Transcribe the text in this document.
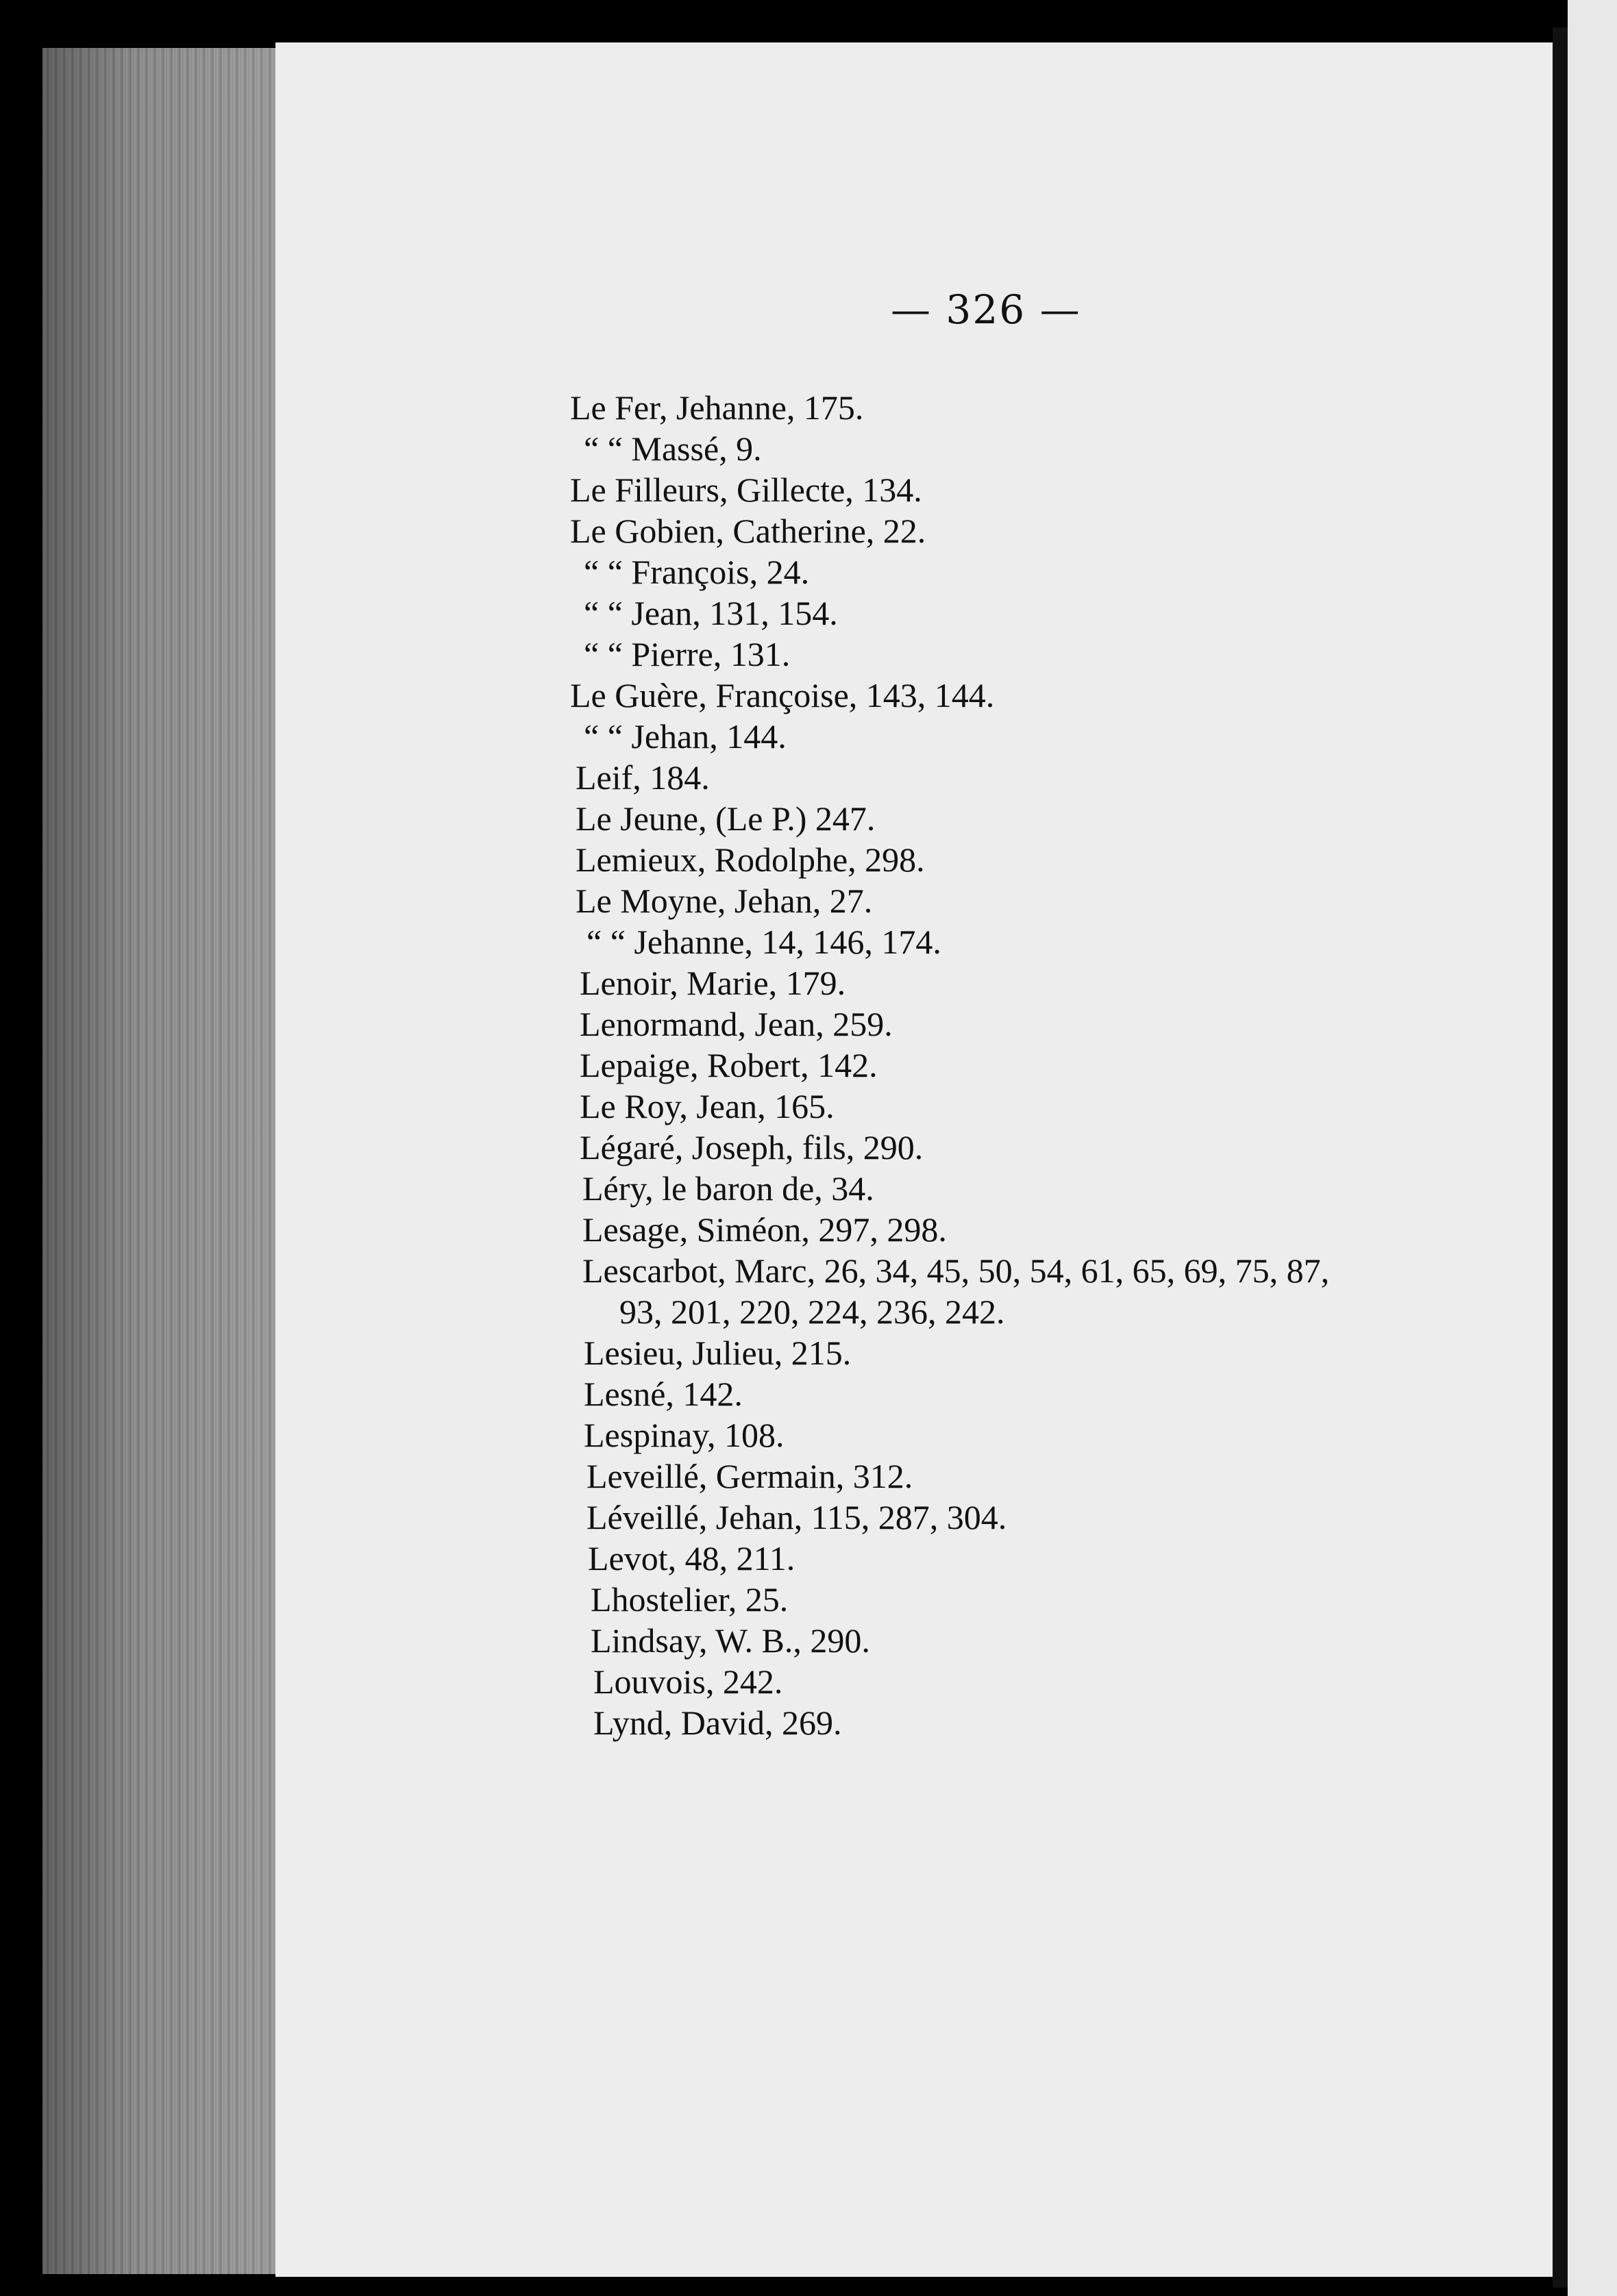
— 326 —
Le Fer, Jehanne, 175.
“ “ Massé, 9.
Le Filleurs, Gillecte, 134.
Le Gobien, Catherine, 22.
“ “ François, 24.
“ “ Jean, 131, 154.
“ “ Pierre, 131.
Le Guère, Françoise, 143, 144.
“ “ Jehan, 144.
Leif, 184.
Le Jeune, (Le P.) 247.
Lemieux, Rodolphe, 298.
Le Moyne, Jehan, 27.
“ “ Jehanne, 14, 146, 174.
Lenoir, Marie, 179.
Lenormand, Jean, 259.
Lepaige, Robert, 142.
Le Roy, Jean, 165.
Légaré, Joseph, fils, 290.
Léry, le baron de, 34.
Lesage, Siméon, 297, 298.
Lescarbot, Marc, 26, 34, 45, 50, 54, 61, 65, 69, 75, 87,
93, 201, 220, 224, 236, 242.
Lesieu, Julieu, 215.
Lesné, 142.
Lespinay, 108.
Leveillé, Germain, 312.
Léveillé, Jehan, 115, 287, 304.
Levot, 48, 211.
Lhostelier, 25.
Lindsay, W. B., 290.
Louvois, 242.
Lynd, David, 269.
